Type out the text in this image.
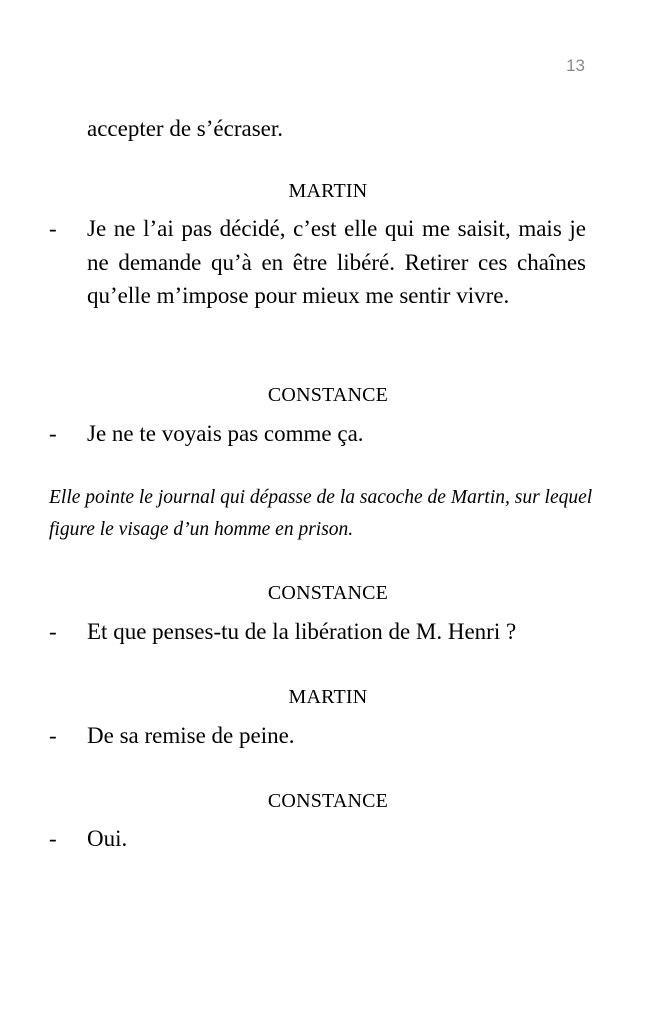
13
accepter de s’écraser.
MARTIN
- Je ne l’ai pas décidé, c’est elle qui me saisit, mais je ne demande qu’à en être libéré. Retirer ces chaînes qu’elle m’impose pour mieux me sentir vivre.
CONSTANCE
- Je ne te voyais pas comme ça.
Elle pointe le journal qui dépasse de la sacoche de Martin, sur lequel figure le visage d’un homme en prison.
CONSTANCE
- Et que penses-tu de la libération de M. Henri ?
MARTIN
- De sa remise de peine.
CONSTANCE
- Oui.
